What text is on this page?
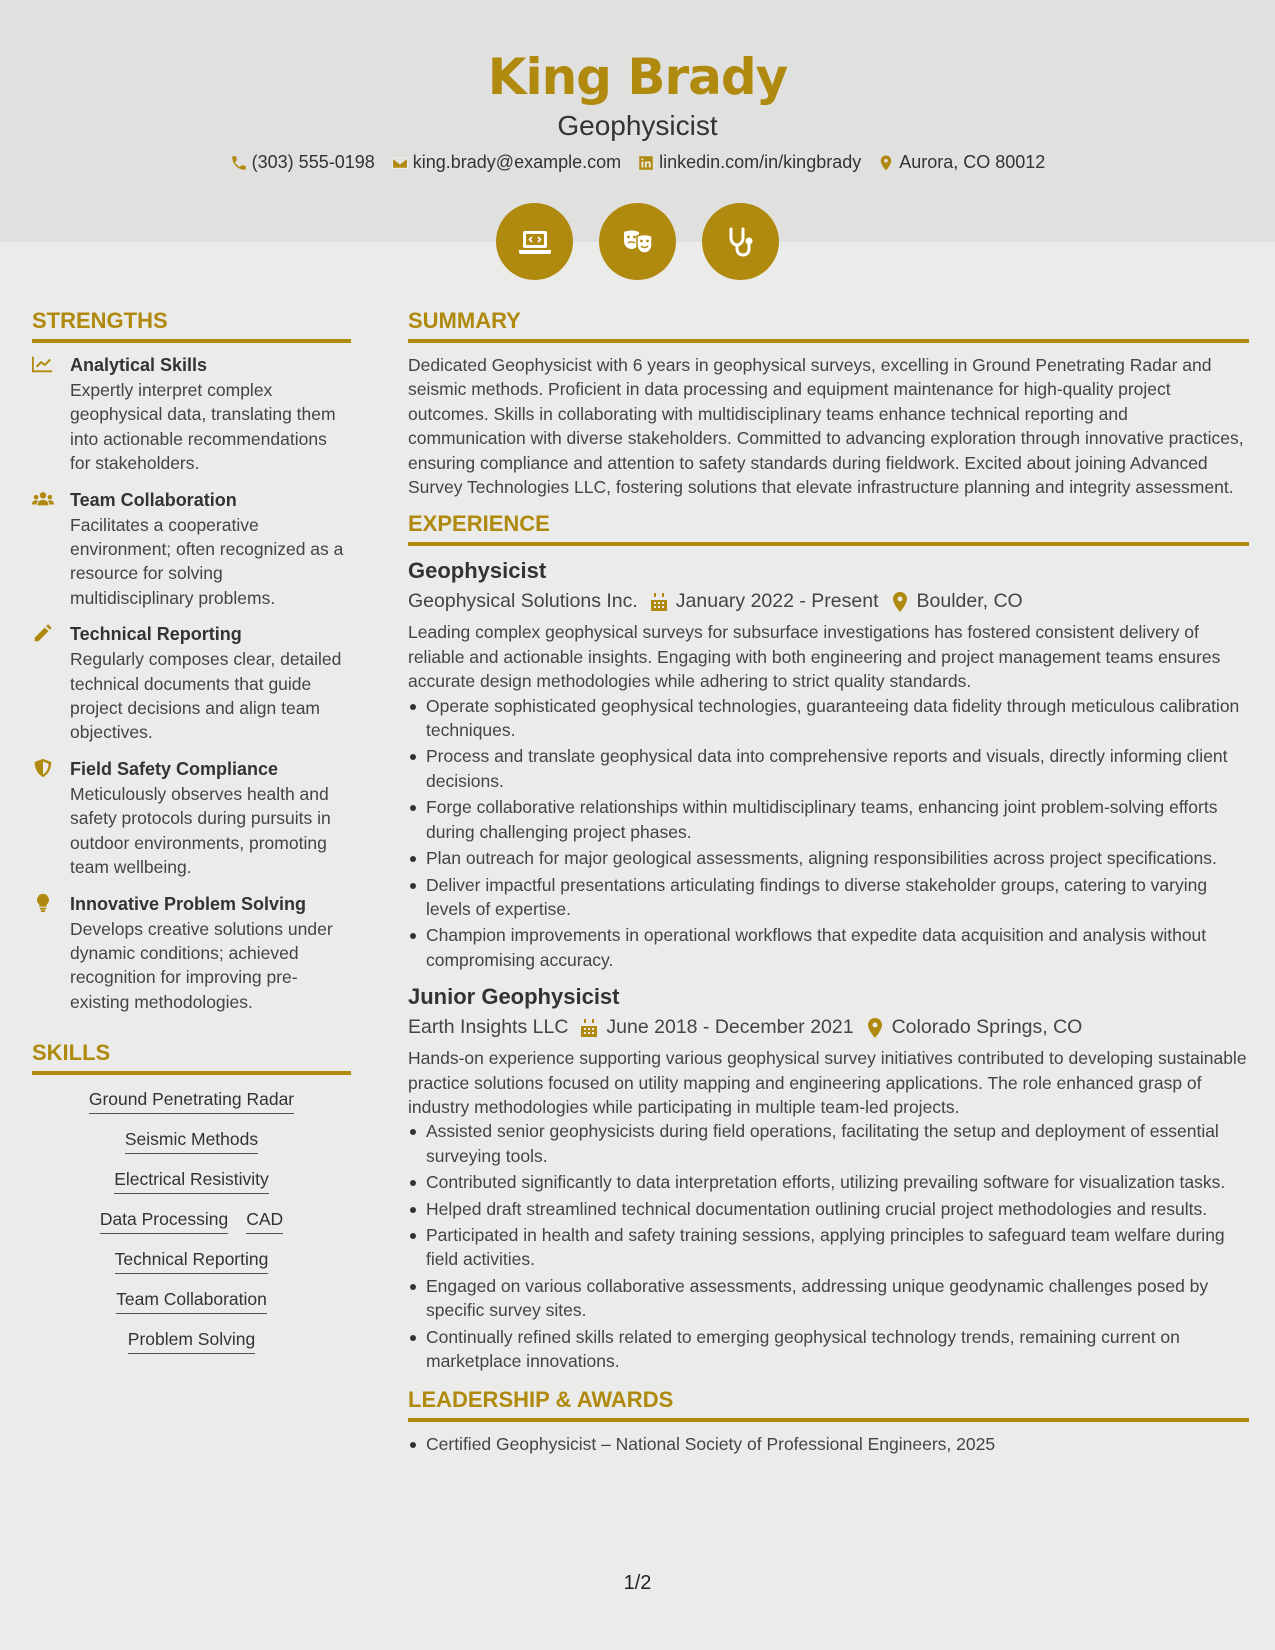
King Brady
Geophysicist
(303) 555-0198 king.brady@example.com linkedin.com/in/kingbrady Aurora, CO 80012
STRENGTHS
Analytical Skills
Expertly interpret complex geophysical data, translating them into actionable recommendations for stakeholders.
Team Collaboration
Facilitates a cooperative environment; often recognized as a resource for solving multidisciplinary problems.
Technical Reporting
Regularly composes clear, detailed technical documents that guide project decisions and align team objectives.
Field Safety Compliance
Meticulously observes health and safety protocols during pursuits in outdoor environments, promoting team wellbeing.
Innovative Problem Solving
Develops creative solutions under dynamic conditions; achieved recognition for improving pre-existing methodologies.
SKILLS
Ground Penetrating Radar
Seismic Methods
Electrical Resistivity
Data Processing CAD
Technical Reporting
Team Collaboration
Problem Solving
SUMMARY
Dedicated Geophysicist with 6 years in geophysical surveys, excelling in Ground Penetrating Radar and seismic methods. Proficient in data processing and equipment maintenance for high-quality project outcomes. Skills in collaborating with multidisciplinary teams enhance technical reporting and communication with diverse stakeholders. Committed to advancing exploration through innovative practices, ensuring compliance and attention to safety standards during fieldwork. Excited about joining Advanced Survey Technologies LLC, fostering solutions that elevate infrastructure planning and integrity assessment.
EXPERIENCE
Geophysicist
Geophysical Solutions Inc. January 2022 - Present Boulder, CO
Leading complex geophysical surveys for subsurface investigations has fostered consistent delivery of reliable and actionable insights. Engaging with both engineering and project management teams ensures accurate design methodologies while adhering to strict quality standards.
Operate sophisticated geophysical technologies, guaranteeing data fidelity through meticulous calibration techniques.
Process and translate geophysical data into comprehensive reports and visuals, directly informing client decisions.
Forge collaborative relationships within multidisciplinary teams, enhancing joint problem-solving efforts during challenging project phases.
Plan outreach for major geological assessments, aligning responsibilities across project specifications.
Deliver impactful presentations articulating findings to diverse stakeholder groups, catering to varying levels of expertise.
Champion improvements in operational workflows that expedite data acquisition and analysis without compromising accuracy.
Junior Geophysicist
Earth Insights LLC June 2018 - December 2021 Colorado Springs, CO
Hands-on experience supporting various geophysical survey initiatives contributed to developing sustainable practice solutions focused on utility mapping and engineering applications. The role enhanced grasp of industry methodologies while participating in multiple team-led projects.
Assisted senior geophysicists during field operations, facilitating the setup and deployment of essential surveying tools.
Contributed significantly to data interpretation efforts, utilizing prevailing software for visualization tasks.
Helped draft streamlined technical documentation outlining crucial project methodologies and results.
Participated in health and safety training sessions, applying principles to safeguard team welfare during field activities.
Engaged on various collaborative assessments, addressing unique geodynamic challenges posed by specific survey sites.
Continually refined skills related to emerging geophysical technology trends, remaining current on marketplace innovations.
LEADERSHIP & AWARDS
Certified Geophysicist – National Society of Professional Engineers, 2025
1/2
